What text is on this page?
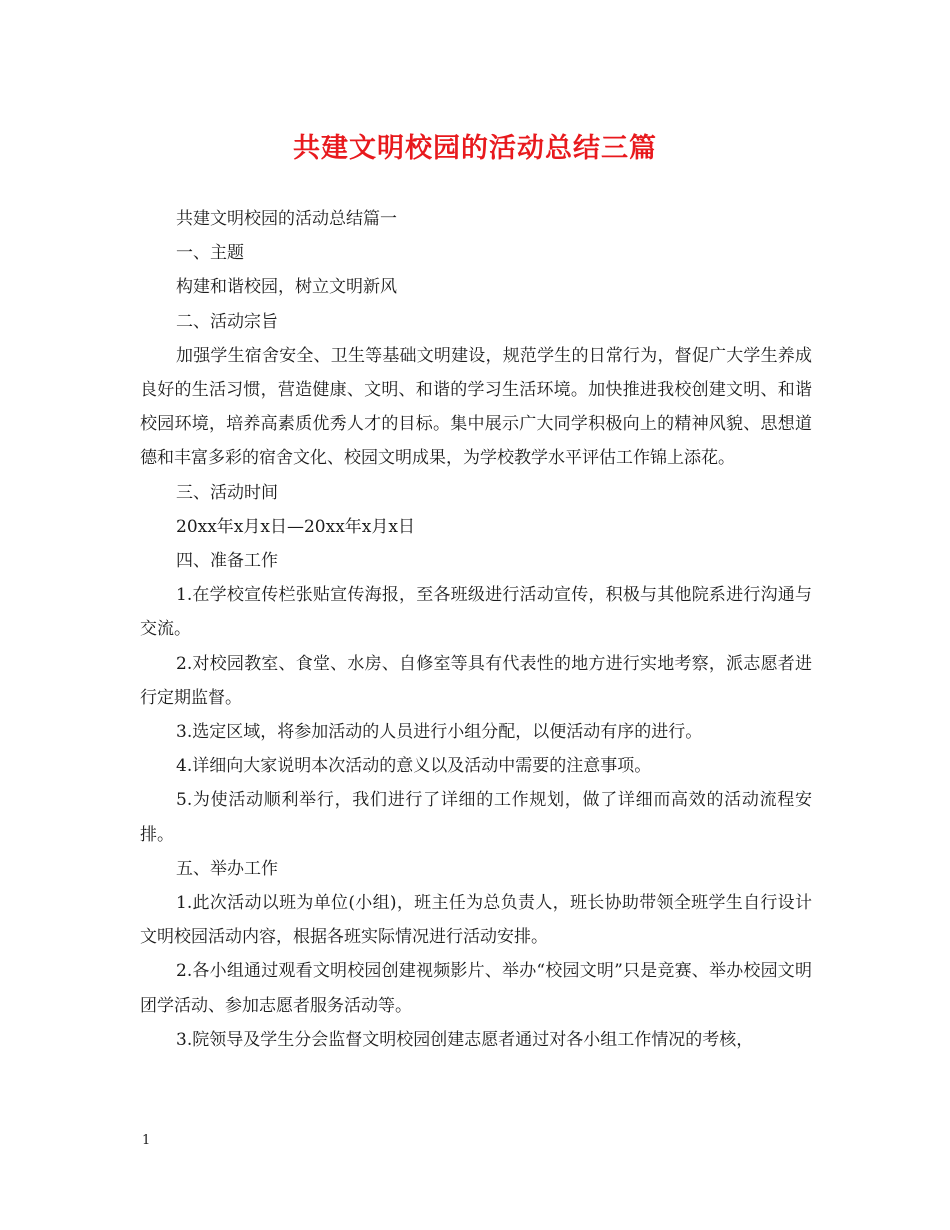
共建文明校园的活动总结三篇

共建文明校园的活动总结篇一

一、主题

构建和谐校园，树立文明新风

二、活动宗旨

加强学生宿舍安全、卫生等基础文明建设，规范学生的日常行为，督促广大学生养成良好的生活习惯，营造健康、文明、和谐的学习生活环境。加快推进我校创建文明、和谐校园环境，培养高素质优秀人才的目标。集中展示广大同学积极向上的精神风貌、思想道德和丰富多彩的宿舍文化、校园文明成果，为学校教学水平评估工作锦上添花。

三、活动时间

20xx年x月x日—20xx年x月x日

四、准备工作

1.在学校宣传栏张贴宣传海报，至各班级进行活动宣传，积极与其他院系进行沟通与交流。

2.对校园教室、食堂、水房、自修室等具有代表性的地方进行实地考察，派志愿者进行定期监督。

3.选定区域，将参加活动的人员进行小组分配，以便活动有序的进行。

4.详细向大家说明本次活动的意义以及活动中需要的注意事项。

5.为使活动顺利举行，我们进行了详细的工作规划，做了详细而高效的活动流程安排。

五、举办工作

1.此次活动以班为单位(小组)，班主任为总负责人，班长协助带领全班学生自行设计文明校园活动内容，根据各班实际情况进行活动安排。

2.各小组通过观看文明校园创建视频影片、举办“校园文明”只是竞赛、举办校园文明团学活动、参加志愿者服务活动等。

3.院领导及学生分会监督文明校园创建志愿者通过对各小组工作情况的考核，

1
